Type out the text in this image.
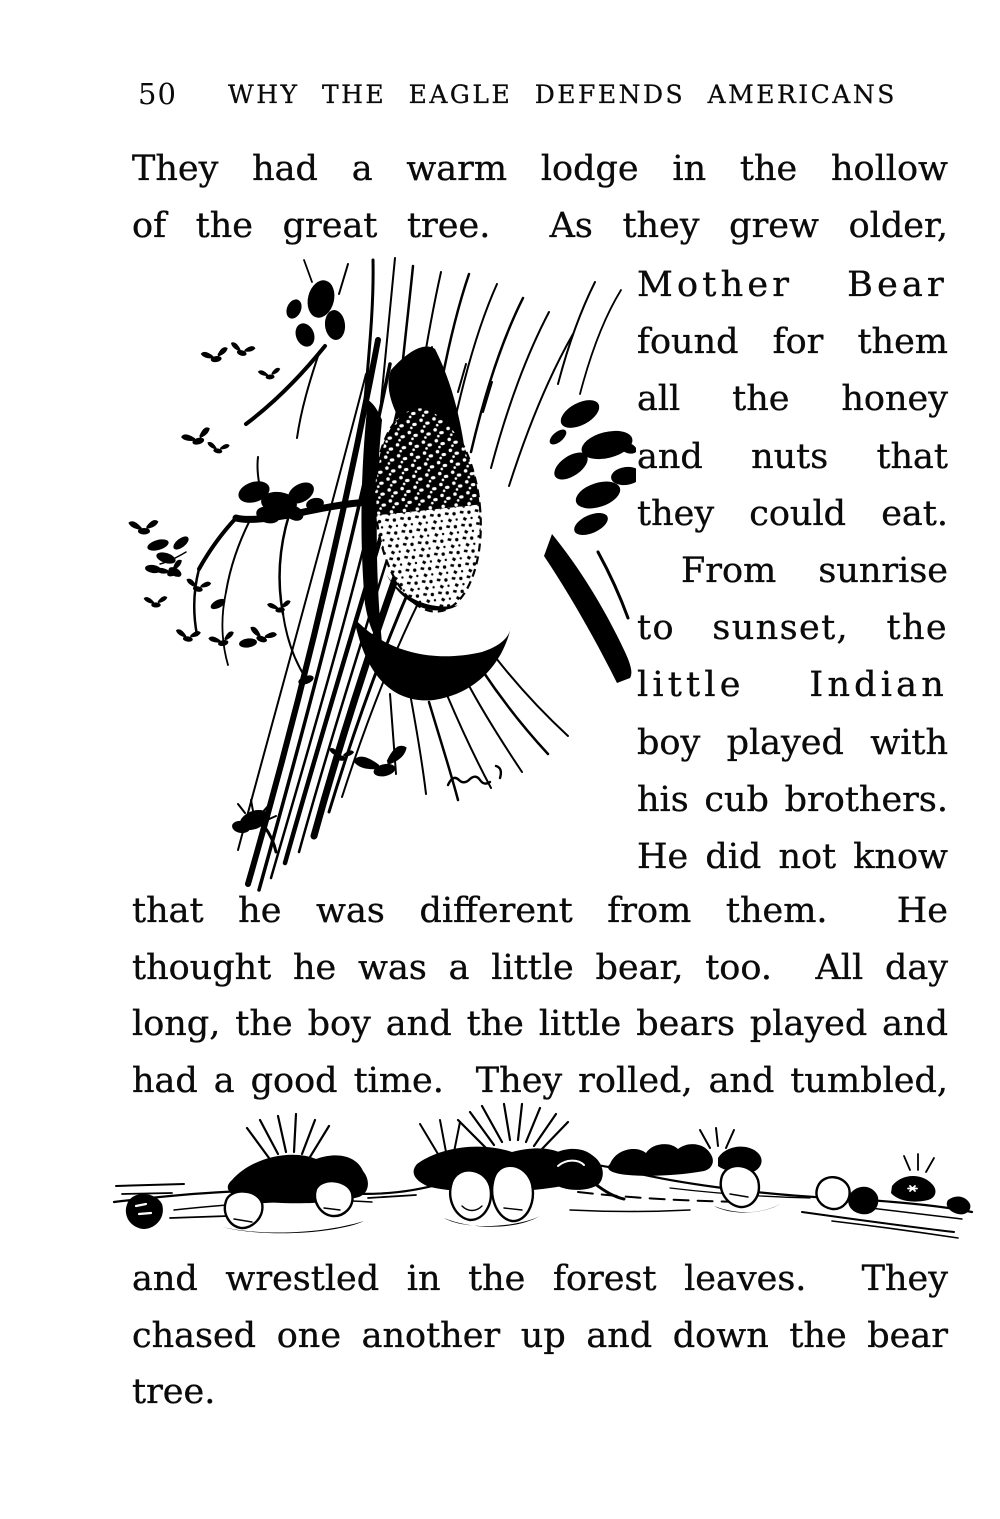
50 WHY THE EAGLE DEFENDS AMERICANS
They had a warm lodge in the hollow
of the great tree.  As they grew older,
Mother Bear
found for them
all the honey
and nuts that
they could eat.
From sunrise
to sunset, the
little Indian
boy played with
his cub brothers.
He did not know
that he was different from them.  He
thought he was a little bear, too.  All day
long, the boy and the little bears played and
had a good time.  They rolled, and tumbled,
and wrestled in the forest leaves.  They
chased one another up and down the bear
tree.
